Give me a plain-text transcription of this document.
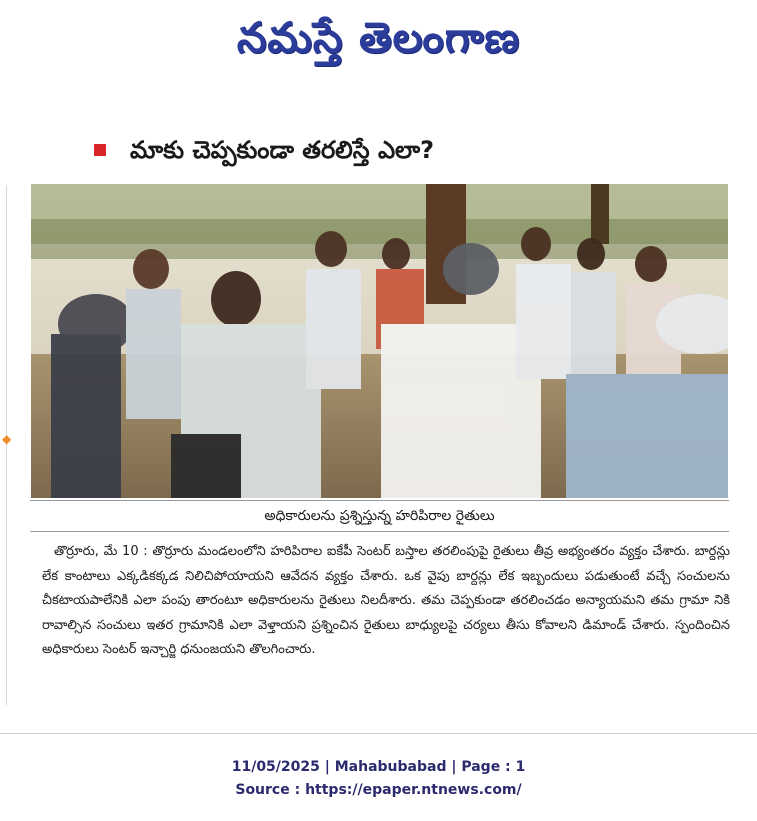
నమస్తే తెలంగాణ
◆
మాకు చెప్పకుండా తరలిస్తే ఎలా?
అధికారులను ప్రశ్నిస్తున్న హరిపిరాల రైతులు
తొర్రూరు, మే 10 : తొర్రూరు మండలంలోని హరిపిరాల ఐకేపీ సెంటర్ బస్తాల తరలింపుపై రైతులు తీవ్ర అభ్యంతరం వ్యక్తం చేశారు. బార్దన్లు లేక కాంటాలు ఎక్కడికక్కడ నిలిచిపోయాయని ఆవేదన వ్యక్తం చేశారు. ఒక వైపు బార్దన్లు లేక ఇబ్బందులు పడుతుంటే వచ్చే సంచులను చీకటాయపాలేనికి ఎలా పంపు తారంటూ అధికారులను రైతులు నిలదీశారు. తమ చెప్పకుండా తరలించడం అన్యాయమని తమ గ్రామా నికి రావాల్సిన సంచులు ఇతర గ్రామానికి ఎలా వెళ్తాయని ప్రశ్నించిన రైతులు బాధ్యులపై చర్యలు తీసు కోవాలని డిమాండ్ చేశారు. స్పందించిన అధికారులు సెంటర్ ఇన్చార్జి ధనుంజయని తొలగించారు.
11/05/2025 | Mahabubabad | Page : 1
Source : https://epaper.ntnews.com/
